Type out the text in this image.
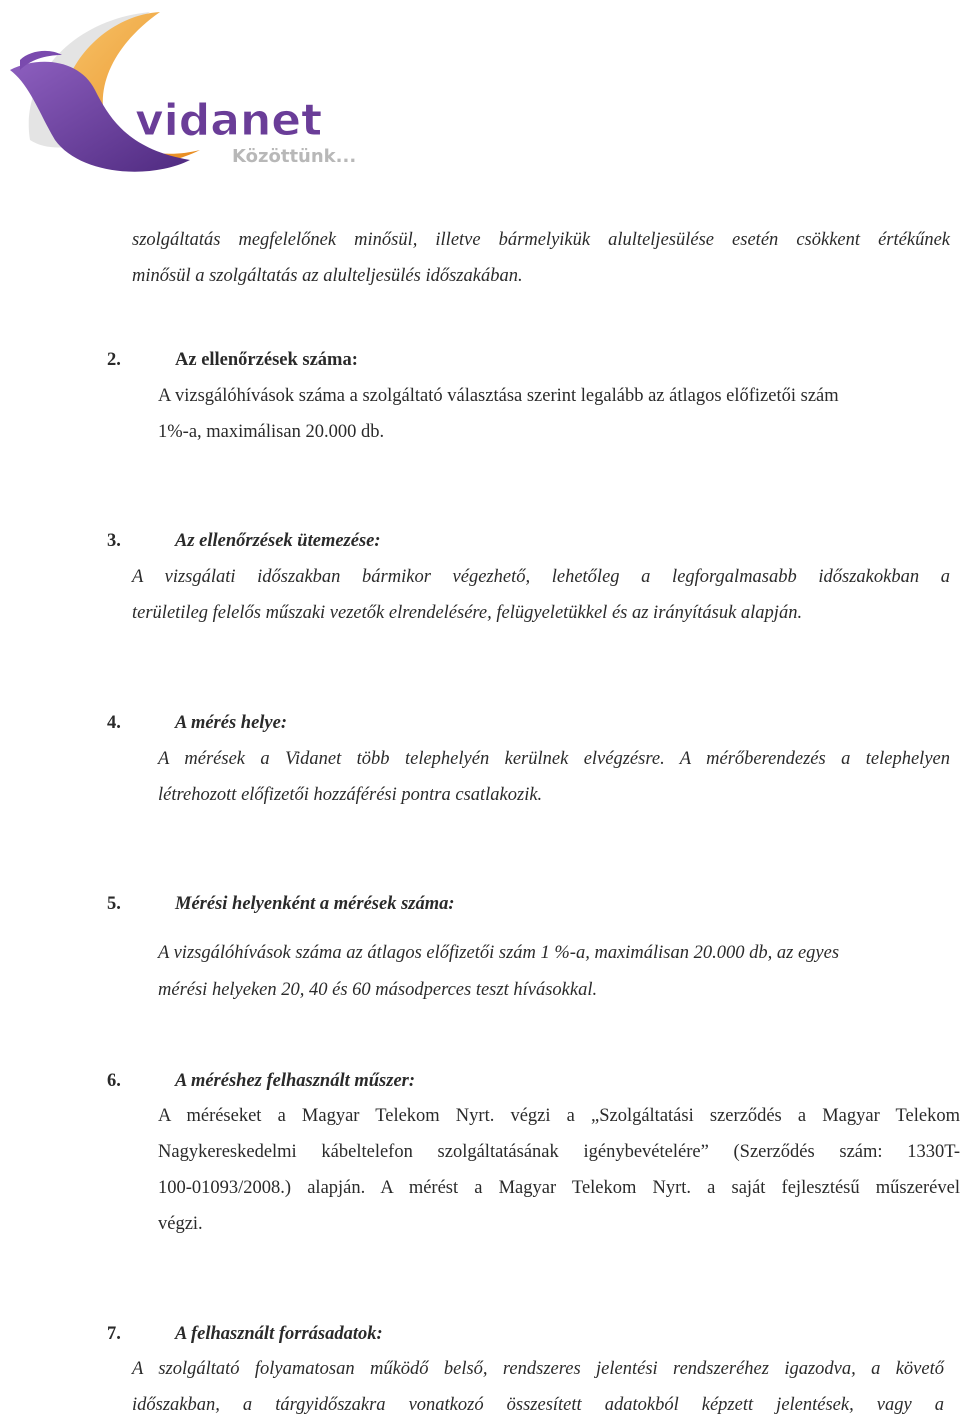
vidanet
Közöttünk...
szolgáltatás megfelelőnek minősül, illetve bármelyikük alulteljesülése esetén csökkent értékűnek
minősül a szolgáltatás az alulteljesülés időszakában.
2.	Az ellenőrzések száma:
A vizsgálóhívások száma a szolgáltató választása szerint legalább az átlagos előfizetői szám
1%-a, maximálisan 20.000 db.
3.	Az ellenőrzések ütemezése:
A vizsgálati időszakban bármikor végezhető, lehetőleg a legforgalmasabb időszakokban a
területileg felelős műszaki vezetők elrendelésére, felügyeletükkel és az irányításuk alapján.
4.	A mérés helye:
A mérések a Vidanet több telephelyén kerülnek elvégzésre. A mérőberendezés a telephelyen
létrehozott előfizetői hozzáférési pontra csatlakozik.
5.	Mérési helyenként a mérések száma:
A vizsgálóhívások száma az átlagos előfizetői szám 1 %-a, maximálisan 20.000 db, az egyes
mérési helyeken 20, 40 és 60 másodperces teszt hívásokkal.
6.	A méréshez felhasznált műszer:
A méréseket a Magyar Telekom Nyrt. végzi a „Szolgáltatási szerződés a Magyar Telekom
Nagykereskedelmi kábeltelefon szolgáltatásának igénybevételére” (Szerződés szám: 1330T-
100-01093/2008.) alapján. A mérést a Magyar Telekom Nyrt. a saját fejlesztésű műszerével
végzi.
7.	A felhasznált forrásadatok:
A szolgáltató folyamatosan működő belső, rendszeres jelentési rendszeréhez igazodva, a követő
időszakban, a tárgyidőszakra vonatkozó összesített adatokból képzett jelentések, vagy a
